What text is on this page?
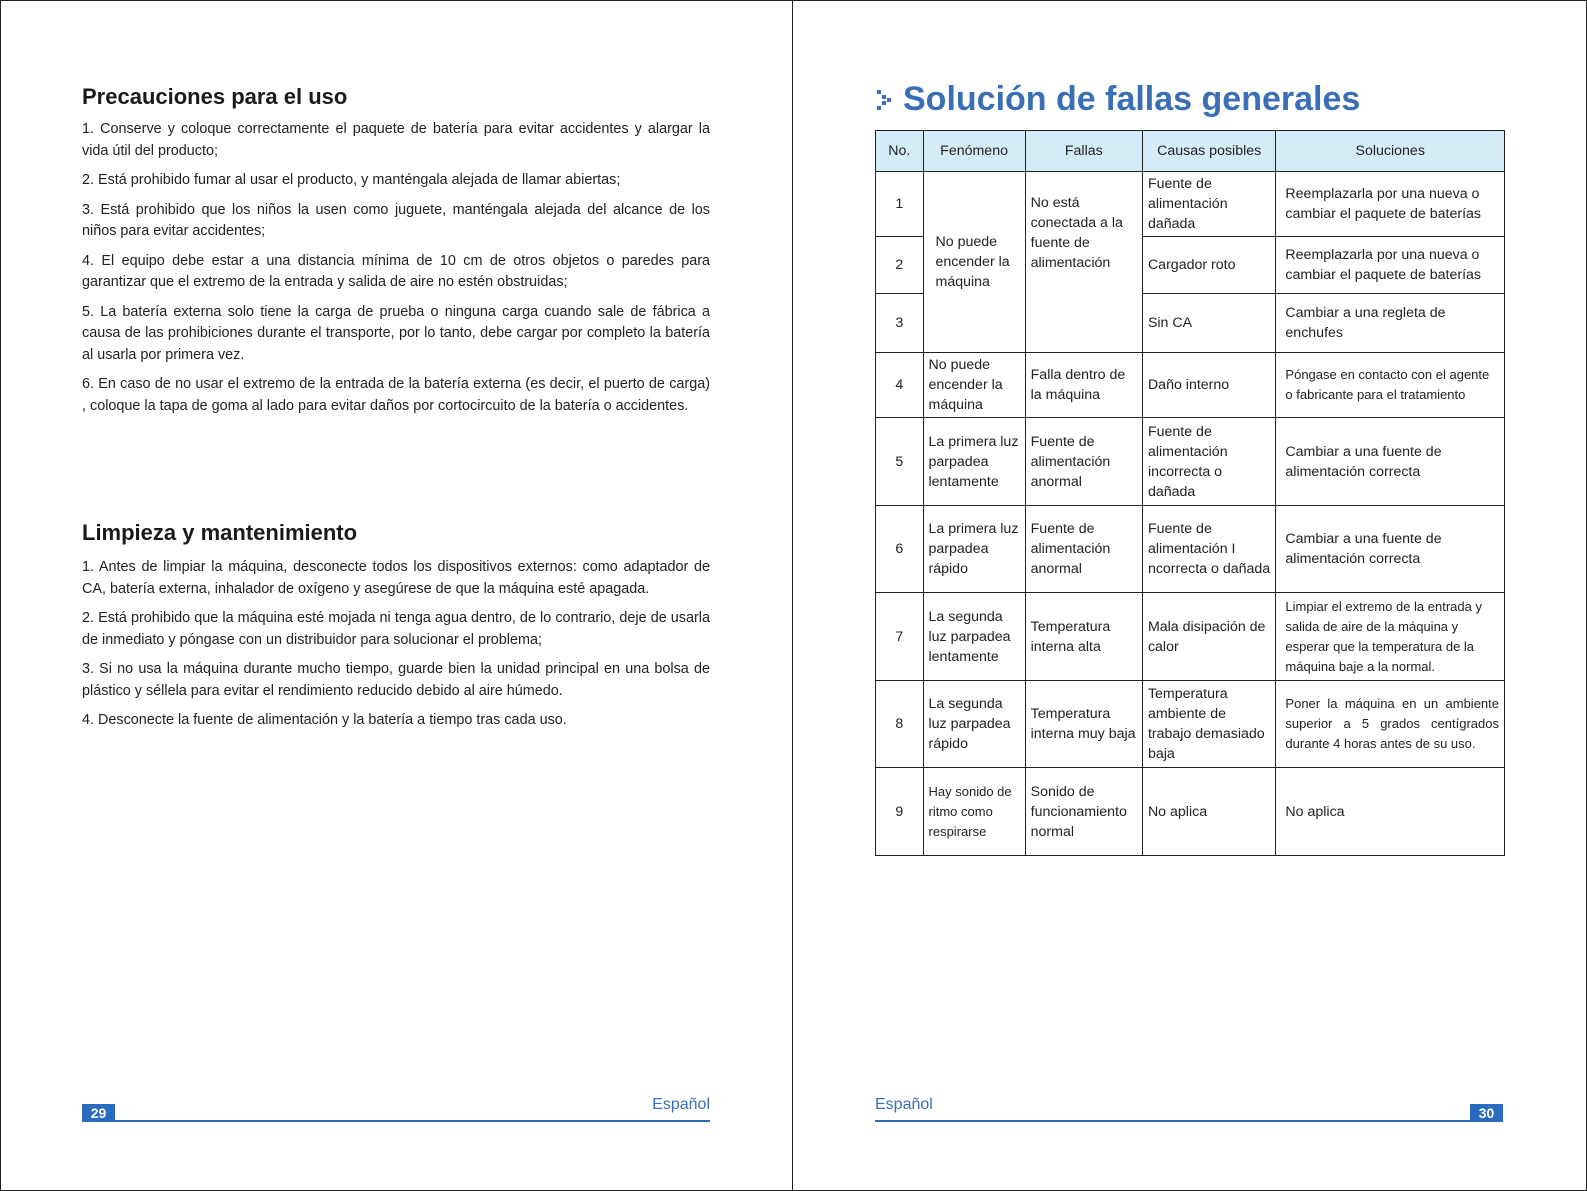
Precauciones para el uso

1. Conserve y coloque correctamente el paquete de batería para evitar accidentes y alargar la vida útil del producto;

2. Está prohibido fumar al usar el producto, y manténgala alejada de llamar abiertas;

3. Está prohibido que los niños la usen como juguete, manténgala alejada del alcance de los niños para evitar accidentes;

4. El equipo debe estar a una distancia mínima de 10 cm de otros objetos o paredes para garantizar que el extremo de la entrada y salida de aire no estén obstruidas;

5. La batería externa solo tiene la carga de prueba o ninguna carga cuando sale de fábrica a causa de las prohibiciones durante el transporte, por lo tanto, debe cargar por completo la batería al usarla por primera vez.

6. En caso de no usar el extremo de la entrada de la batería externa (es decir, el puerto de carga) , coloque la tapa de goma al lado para evitar daños por cortocircuito de la batería o accidentes.

Limpieza y mantenimiento

1. Antes de limpiar la máquina, desconecte todos los dispositivos externos: como adaptador de CA, batería externa, inhalador de oxígeno y asegúrese de que la máquina esté apagada.

2. Está prohibido que la máquina esté mojada ni tenga agua dentro, de lo contrario, deje de usarla de inmediato y póngase con un distribuidor para solucionar el problema;

3. Si no usa la máquina durante mucho tiempo, guarde bien la unidad principal en una bolsa de plástico y séllela para evitar el rendimiento reducido debido al aire húmedo.

4. Desconecte la fuente de alimentación y la batería a tiempo tras cada uso.

29	Español
Solución de fallas generales
No.	Fenómeno	Fallas	Causas posibles	Soluciones
1	No puede encender la máquina	No está conectada a la fuente de alimentación	Fuente de alimentación dañada	Reemplazarla por una nueva o cambiar el paquete de baterías
2			Cargador roto	Reemplazarla por una nueva o cambiar el paquete de baterías
3			Sin CA	Cambiar a una regleta de enchufes
4	No puede encender la máquina	Falla dentro de la máquina	Daño interno	Póngase en contacto con el agente o fabricante para el tratamiento
5	La primera luz parpadea lentamente	Fuente de alimentación anormal	Fuente de alimentación incorrecta o dañada	Cambiar a una fuente de alimentación correcta
6	La primera luz parpadea rápido	Fuente de alimentación anormal	Fuente de alimentación I ncorrecta o dañada	Cambiar a una fuente de alimentación correcta
7	La segunda luz parpadea lentamente	Temperatura interna alta	Mala disipación de calor	Limpiar el extremo de la entrada y salida de aire de la máquina y esperar que la temperatura de la máquina baje a la normal.
8	La segunda luz parpadea rápido	Temperatura interna muy baja	Temperatura ambiente de trabajo demasiado baja	Poner la máquina en un ambiente superior a 5 grados centígrados durante 4 horas antes de su uso.
9	Hay sonido de ritmo como respirarse	Sonido de funcionamiento normal	No aplica	No aplica
Español	30
